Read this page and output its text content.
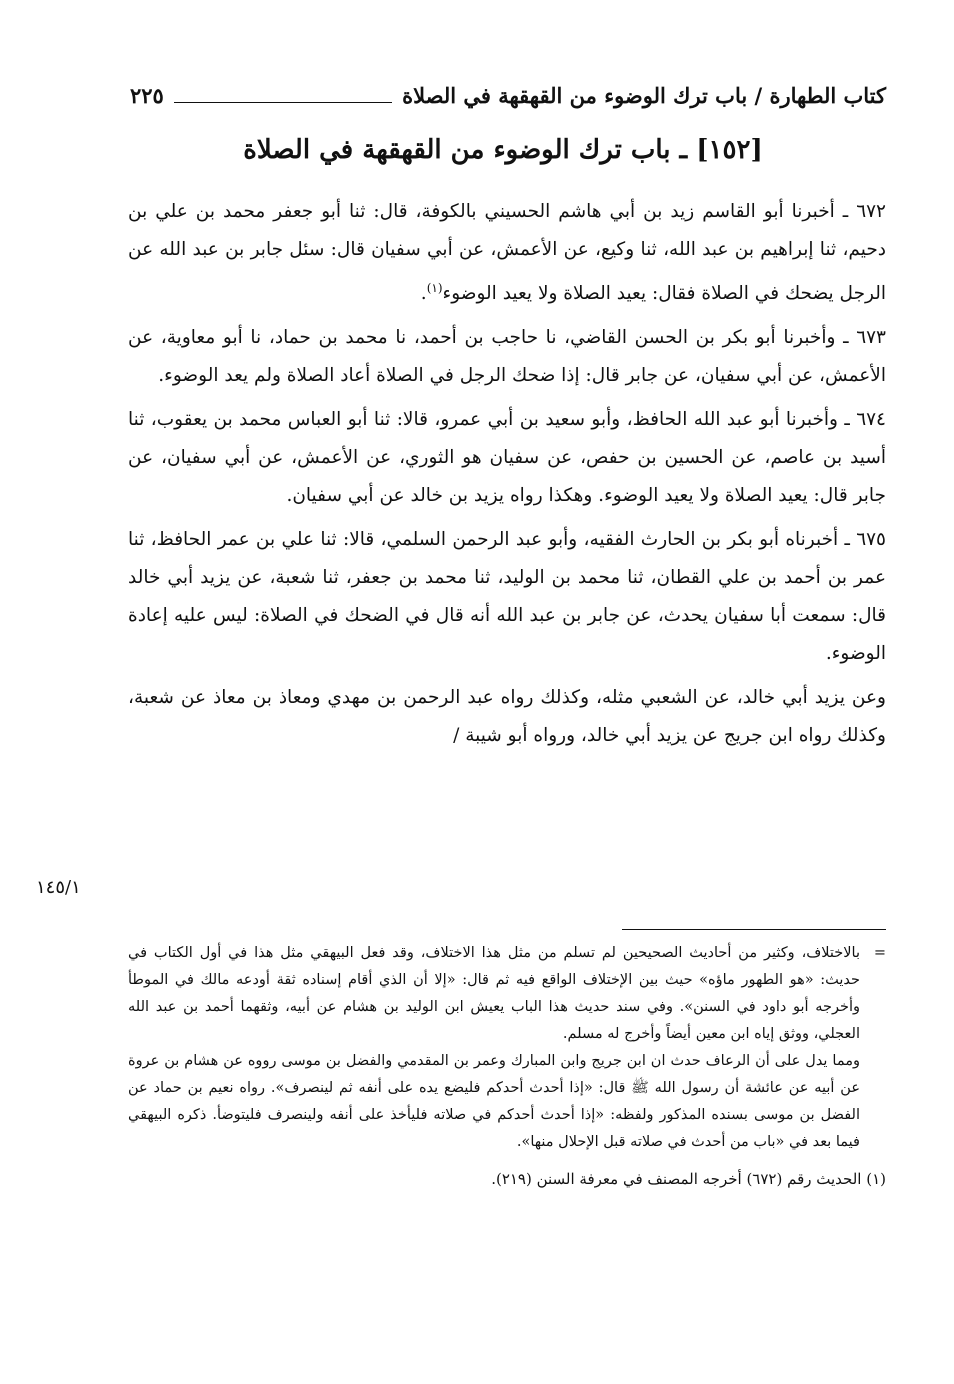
كتاب الطهارة / باب ترك الوضوء من القهقهة في الصلاة
٢٢٥
[١٥٢] ـ باب ترك الوضوء من القهقهة في الصلاة

٦٧٢ ـ أخبرنا أبو القاسم زيد بن أبي هاشم الحسيني بالكوفة، قال: ثنا أبو جعفر محمد بن علي بن دحيم، ثنا إبراهيم بن عبد الله، ثنا وكيع، عن الأعمش، عن أبي سفيان قال: سئل جابر بن عبد الله عن الرجل يضحك في الصلاة فقال: يعيد الصلاة ولا يعيد الوضوء$^{(١)}$.

٦٧٣ ـ وأخبرنا أبو بكر بن الحسن القاضي، نا حاجب بن أحمد، نا محمد بن حماد، نا أبو معاوية، عن الأعمش، عن أبي سفيان، عن جابر قال: إذا ضحك الرجل في الصلاة أعاد الصلاة ولم يعد الوضوء.

٦٧٤ ـ وأخبرنا أبو عبد الله الحافظ، وأبو سعيد بن أبي عمرو، قالا: ثنا أبو العباس محمد بن يعقوب، ثنا أسيد بن عاصم، عن الحسين بن حفص، عن سفيان هو الثوري، عن الأعمش، عن أبي سفيان، عن جابر قال: يعيد الصلاة ولا يعيد الوضوء. وهكذا رواه يزيد بن خالد عن أبي سفيان.

٦٧٥ ـ أخبرناه أبو بكر بن الحارث الفقيه، وأبو عبد الرحمن السلمي، قالا: ثنا علي بن عمر الحافظ، ثنا عمر بن أحمد بن علي القطان، ثنا محمد بن الوليد، ثنا محمد بن جعفر، ثنا شعبة، عن يزيد أبي خالد قال: سمعت أبا سفيان يحدث، عن جابر بن عبد الله أنه قال في الضحك في الصلاة: ليس عليه إعادة الوضوء.

وعن يزيد أبي خالد، عن الشعبي مثله، وكذلك رواه عبد الرحمن بن مهدي ومعاذ بن معاذ عن شعبة، وكذلك رواه ابن جريج عن يزيد أبي خالد، ورواه أبو شيبة /

١٤٥/١
=

بالاختلاف، وكثير من أحاديث الصحيحين لم تسلم من مثل هذا الاختلاف، وقد فعل البيهقي مثل هذا في أول الكتاب في حديث: «هو الطهور ماؤه» حيث بين الإختلاف الواقع فيه ثم قال: «إلا أن الذي أقام إسناده ثقة أودعه مالك في الموطأ وأخرجه أبو داود في السنن». وفي سند حديث هذا الباب يعيش ابن الوليد بن هشام عن أبيه، وثقهما أحمد بن عبد الله العجلي، ووثق إياه ابن معين أيضاً وأخرج له مسلم.

ومما يدل على أن الرعاف حدث ان ابن جريج وابن المبارك وعمر بن المقدمي والفضل بن موسى رووه عن هشام بن عروة عن أبيه عن عائشة أن رسول الله ﷺ قال: «إذا أحدث أحدكم فليضع يده على أنفه ثم لينصرف». رواه نعيم بن حماد عن الفضل بن موسى بسنده المذكور ولفظه: «إذا أحدث أحدكم في صلاته فليأخذ على أنفه ولينصرف فليتوضأ. ذكره البيهقي فيما بعد في «باب من أحدث في صلاته قبل الإحلال منها».

(١) الحديث رقم (٦٧٢) أخرجه المصنف في معرفة السنن (٢١٩).
